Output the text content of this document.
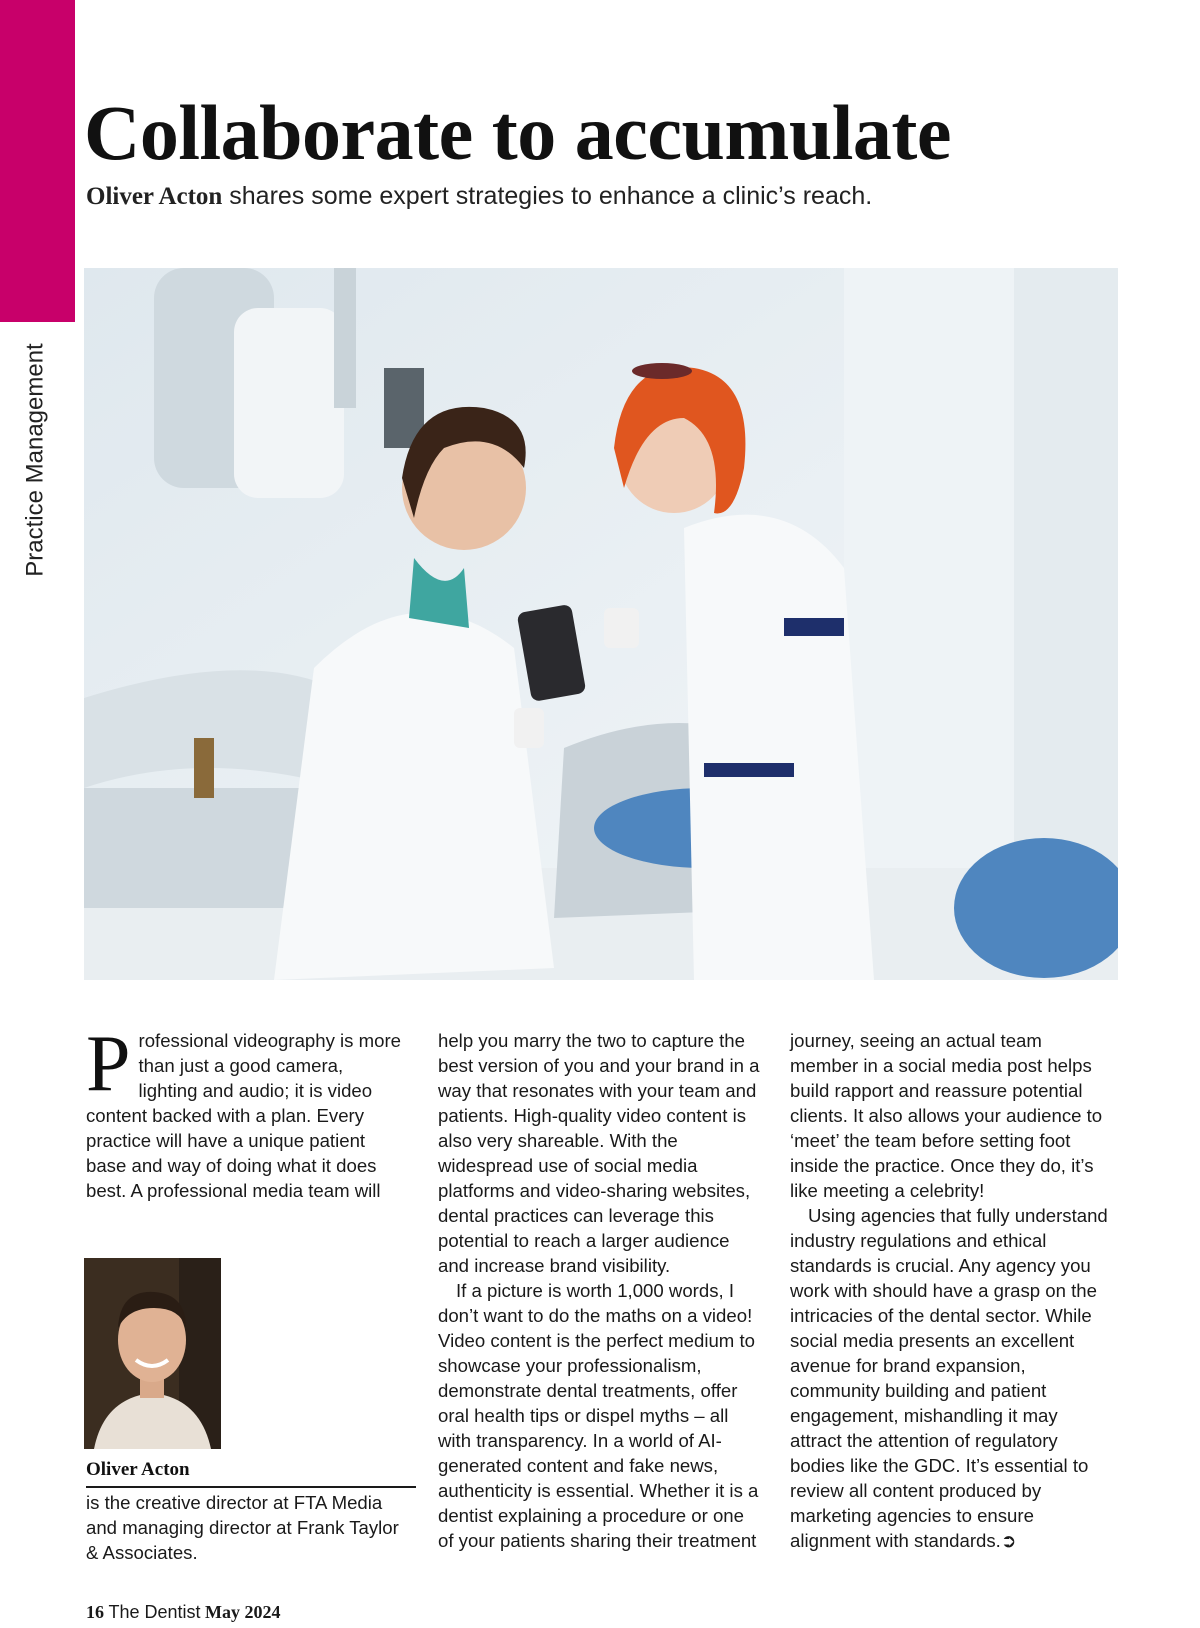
Practice Management
Collaborate to accumulate

Oliver Acton shares some expert strategies to enhance a clinic’s reach.

Professional videography is more than just a good camera, lighting and audio; it is video content backed with a plan. Every practice will have a unique patient base and way of doing what it does best. A professional media team will

help you marry the two to capture the best version of you and your brand in a way that resonates with your team and patients. High-quality video content is also very shareable. With the widespread use of social media platforms and video-sharing websites, dental practices can leverage this potential to reach a larger audience and increase brand visibility.

If a picture is worth 1,000 words, I don’t want to do the maths on a video! Video content is the perfect medium to showcase your professionalism, demonstrate dental treatments, offer oral health tips or dispel myths – all with transparency. In a world of AI-generated content and fake news, authenticity is essential. Whether it is a dentist explaining a procedure or one of your patients sharing their treatment

journey, seeing an actual team member in a social media post helps build rapport and reassure potential clients. It also allows your audience to ‘meet’ the team before setting foot inside the practice. Once they do, it’s like meeting a celebrity!

Using agencies that fully understand industry regulations and ethical standards is crucial. Any agency you work with should have a grasp on the intricacies of the dental sector. While social media presents an excellent avenue for brand expansion, community building and patient engagement, mishandling it may attract the attention of regulatory bodies like the GDC. It’s essential to review all content produced by marketing agencies to ensure alignment with standards.➲

Oliver Acton
is the creative director at FTA Media and managing director at Frank Taylor & Associates.
16 The Dentist May 2024
